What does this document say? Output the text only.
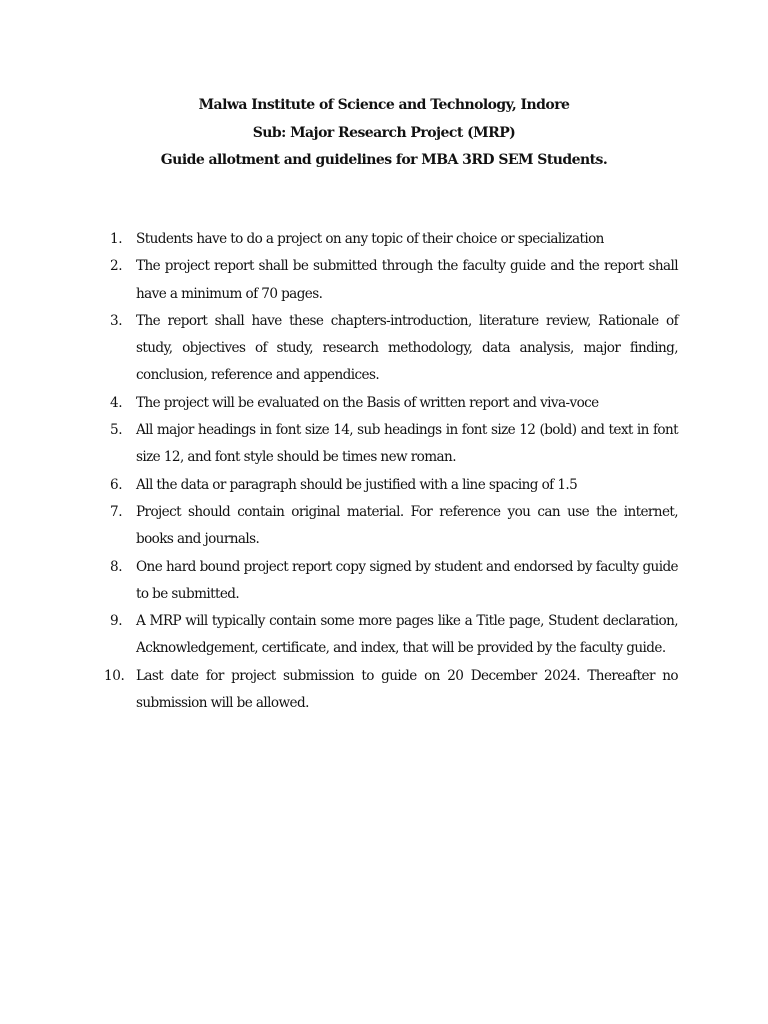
Malwa Institute of Science and Technology, Indore
Sub: Major Research Project (MRP)
Guide allotment and guidelines for MBA 3RD SEM Students.
1.	Students have to do a project on any topic of their choice or specialization
2.	The project report shall be submitted through the faculty guide and the report shall have a minimum of 70 pages.
3.	The report shall have these chapters-introduction, literature review, Rationale of study, objectives of study, research methodology, data analysis, major finding, conclusion, reference and appendices.
4.	The project will be evaluated on the Basis of written report and viva-voce
5.	All major headings in font size 14, sub headings in font size 12 (bold) and text in font size 12, and font style should be times new roman.
6.	All the data or paragraph should be justified with a line spacing of 1.5
7.	Project should contain original material. For reference you can use the internet, books and journals.
8.	One hard bound project report copy signed by student and endorsed by faculty guide to be submitted.
9.	A MRP will typically contain some more pages like a Title page, Student declaration, Acknowledgement, certificate, and index, that will be provided by the faculty guide.
10. Last date for project submission to guide on 20 December 2024. Thereafter no submission will be allowed.
